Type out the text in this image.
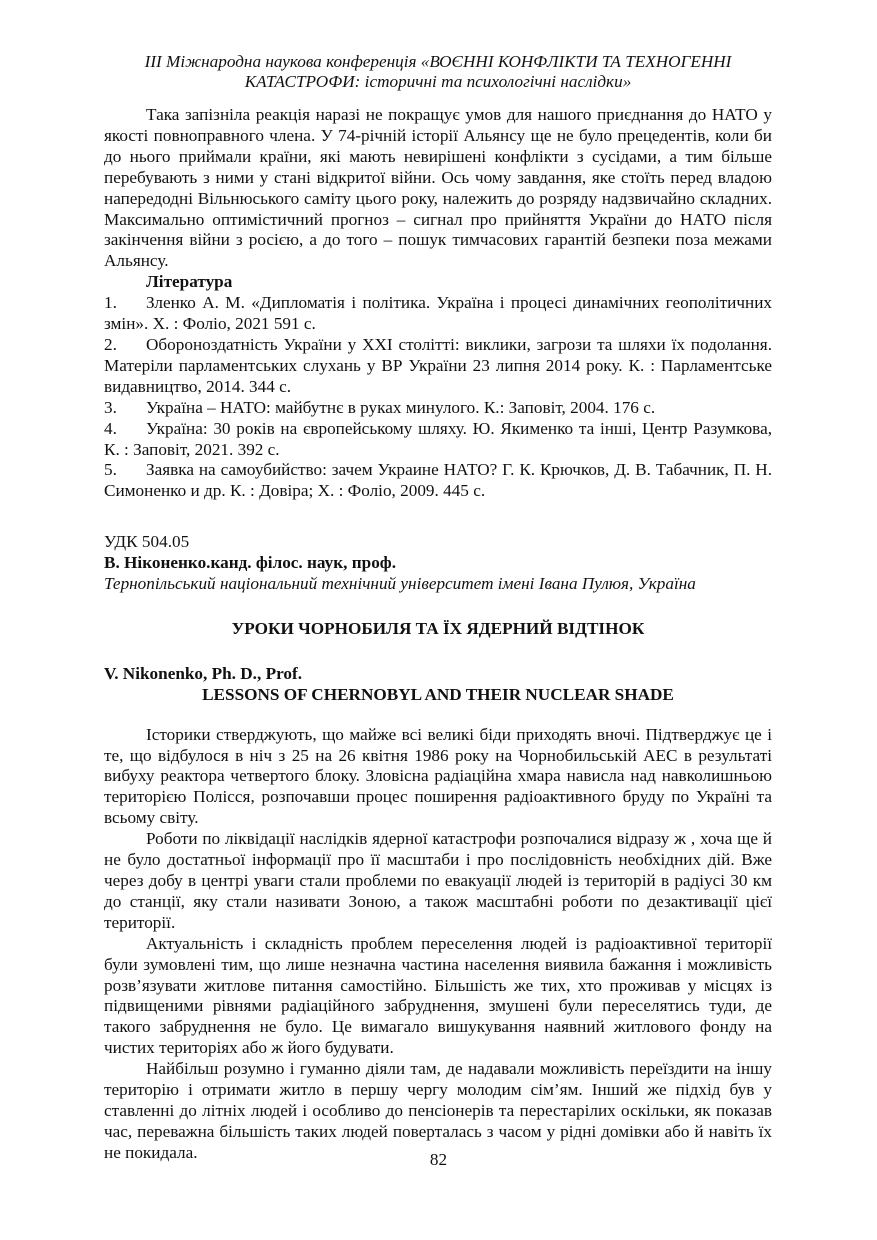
ІІІ Міжнародна наукова конференція «ВОЄННІ КОНФЛІКТИ ТА ТЕХНОГЕННІ
КАТАСТРОФИ: історичні та психологічні наслідки»

Така запізніла реакція наразі не покращує умов для нашого приєднання до НАТО у якості повноправного члена. У 74-річній історії Альянсу ще не було прецедентів, коли би до нього приймали країни, які мають невирішені конфлікти з сусідами, а тим більше перебувають з ними у стані відкритої війни. Ось чому завдання, яке стоїть перед владою напередодні Вільнюського саміту цього року, належить до розряду надзвичайно складних. Максимально оптимістичний прогноз – сигнал про прийняття України до НАТО після закінчення війни з росією, а до того – пошук тимчасових гарантій безпеки поза межами Альянсу.

Література

1. Зленко А. М. «Дипломатія і політика. Україна і процесі динамічних геополітичних змін». Х. : Фоліо, 2021 591 с.
2. Обороноздатність України у ХХІ столітті: виклики, загрози та шляхи їх подолання. Матеріли парламентських слухань у ВР України 23 липня 2014 року. К. : Парламентське видавництво, 2014. 344 с.
3. Україна – НАТО: майбутнє в руках минулого. К.: Заповіт, 2004. 176 с.
4. Україна: 30 років на європейському шляху. Ю. Якименко та інші, Центр Разумкова, К. : Заповіт, 2021. 392 с.
5. Заявка на самоубийство: зачем Украине НАТО? Г. К. Крючков, Д. В. Табачник, П. Н. Симоненко и др. К. : Довіра; Х. : Фоліо, 2009. 445 с.

УДК 504.05

В. Ніконенко.канд. філос. наук, проф.

Тернопільський національний технічний університет імені Івана Пулюя, Україна

УРОКИ ЧОРНОБИЛЯ ТА ЇХ ЯДЕРНИЙ ВІДТІНОК

V. Nikonenko, Ph. D., Prof.

LESSONS OF CHERNOBYL AND THEIR NUCLEAR SHADE

Історики стверджують, що майже всі великі біди приходять вночі. Підтверджує це і те, що відбулося в ніч з 25 на 26 квітня 1986 року на Чорнобильській АЕС в результаті вибуху реактора четвертого блоку. Зловісна радіаційна хмара нависла над навколишньою територією Полісся, розпочавши процес поширення радіоактивного бруду по Україні та всьому світу.

Роботи по ліквідації наслідків ядерної катастрофи розпочалися відразу ж , хоча ще й не було достатньої інформації про її масштаби і про послідовність необхідних дій. Вже через добу в центрі уваги стали проблеми по евакуації людей із територій в радіусі 30 км до станції, яку стали називати Зоною, а також масштабні роботи по дезактивації цієї території.

Актуальність і складність проблем переселення людей із радіоактивної території були зумовлені тим, що лише незначна частина населення виявила бажання і можливість розв’язувати житлове питання самостійно. Більшість же тих, хто проживав у місцях із підвищеними рівнями радіаційного забруднення, змушені були переселятись туди, де такого забруднення не було. Це вимагало вишукування наявний житлового фонду на чистих територіях або ж його будувати.

Найбільш розумно і гуманно діяли там, де надавали можливість переїздити на іншу територію і отримати житло в першу чергу молодим сім’ям. Інший же підхід був у ставленні до літніх людей і особливо до пенсіонерів та перестарілих оскільки, як показав час, переважна більшість таких людей поверталась з часом у рідні домівки або й навіть їх не покидала.	82
